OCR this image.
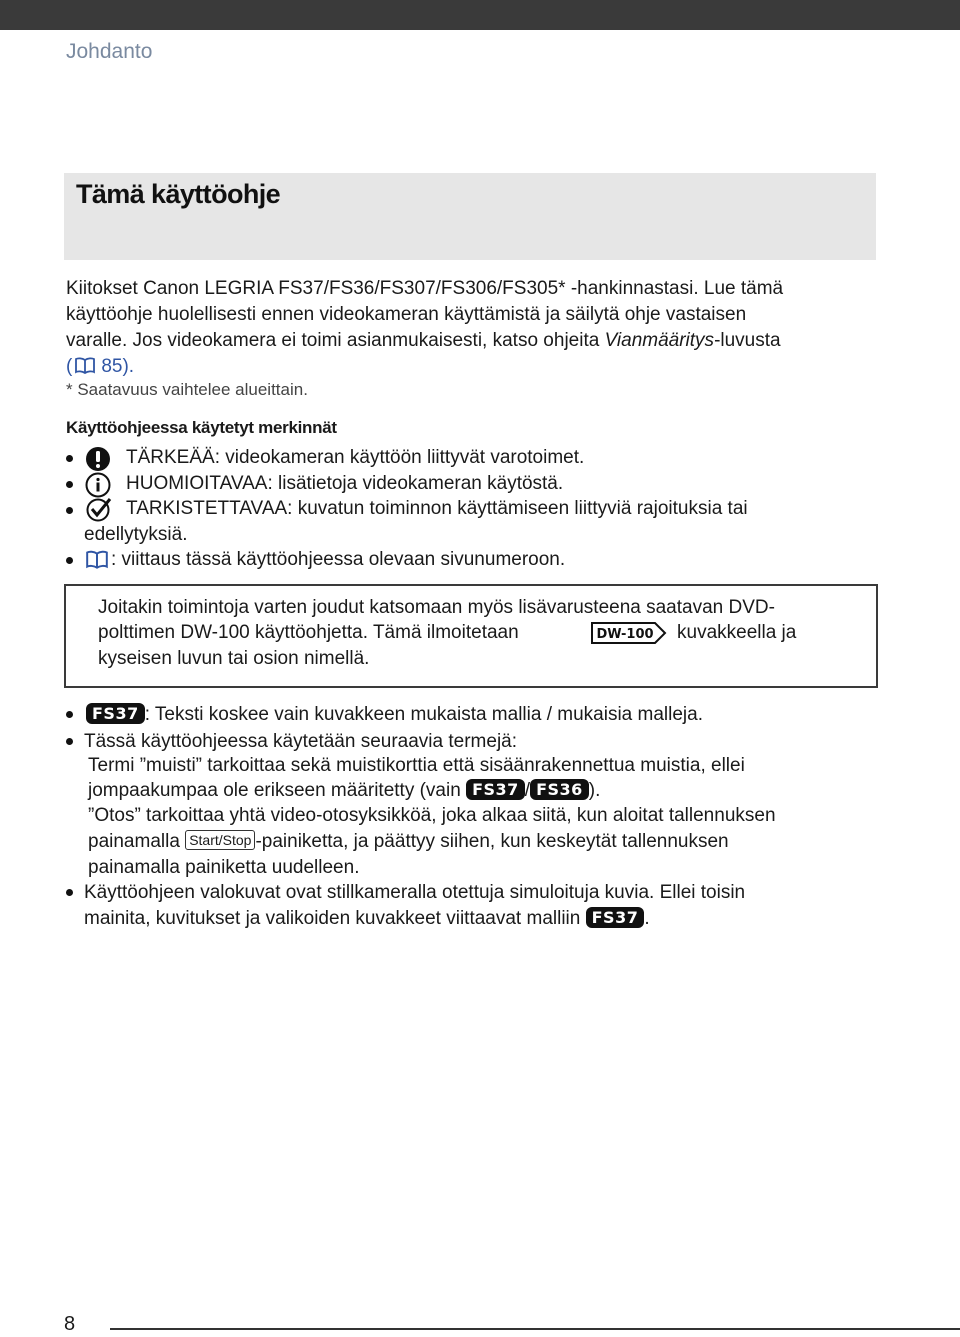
Johdanto
Tämä käyttöohje
Kiitokset Canon LEGRIA FS37/FS36/FS307/FS306/FS305* -hankinnastasi. Lue tämä
käyttöohje huolellisesti ennen videokameran käyttämistä ja säilytä ohje vastaisen
varalle. Jos videokamera ei toimi asianmukaisesti, katso ohjeita Vianmääritys-luvusta
( 85).
* Saatavuus vaihtelee alueittain.
Käyttöohjeessa käytetyt merkinnät
TÄRKEÄÄ: videokameran käyttöön liittyvät varotoimet.
HUOMIOITAVAA: lisätietoja videokameran käytöstä.
TARKISTETTAVAA: kuvatun toiminnon käyttämiseen liittyviä rajoituksia tai
edellytyksiä.
: viittaus tässä käyttöohjeessa olevaan sivunumeroon.
Joitakin toimintoja varten joudut katsomaan myös lisävarusteena saatavan DVD-
polttimen DW-100 käyttöohjetta. Tämä ilmoitetaan	DW-100 kuvakkeella ja
kyseisen luvun tai osion nimellä.
FS37 : Teksti koskee vain kuvakkeen mukaista mallia / mukaisia malleja.
Tässä käyttöohjeessa käytetään seuraavia termejä:
Termi ”muisti” tarkoittaa sekä muistikorttia että sisäänrakennettua muistia, ellei
jompaakumpaa ole erikseen määritetty (vain FS37 / FS36 ).
”Otos” tarkoittaa yhtä video-otosyksikköä, joka alkaa siitä, kun aloitat tallennuksen
painamalla Start/Stop -painiketta, ja päättyy siihen, kun keskeytät tallennuksen
painamalla painiketta uudelleen.
Käyttöohjeen valokuvat ovat stillkameralla otettuja simuloituja kuvia. Ellei toisin
mainita, kuvitukset ja valikoiden kuvakkeet viittaavat malliin FS37 .
8
